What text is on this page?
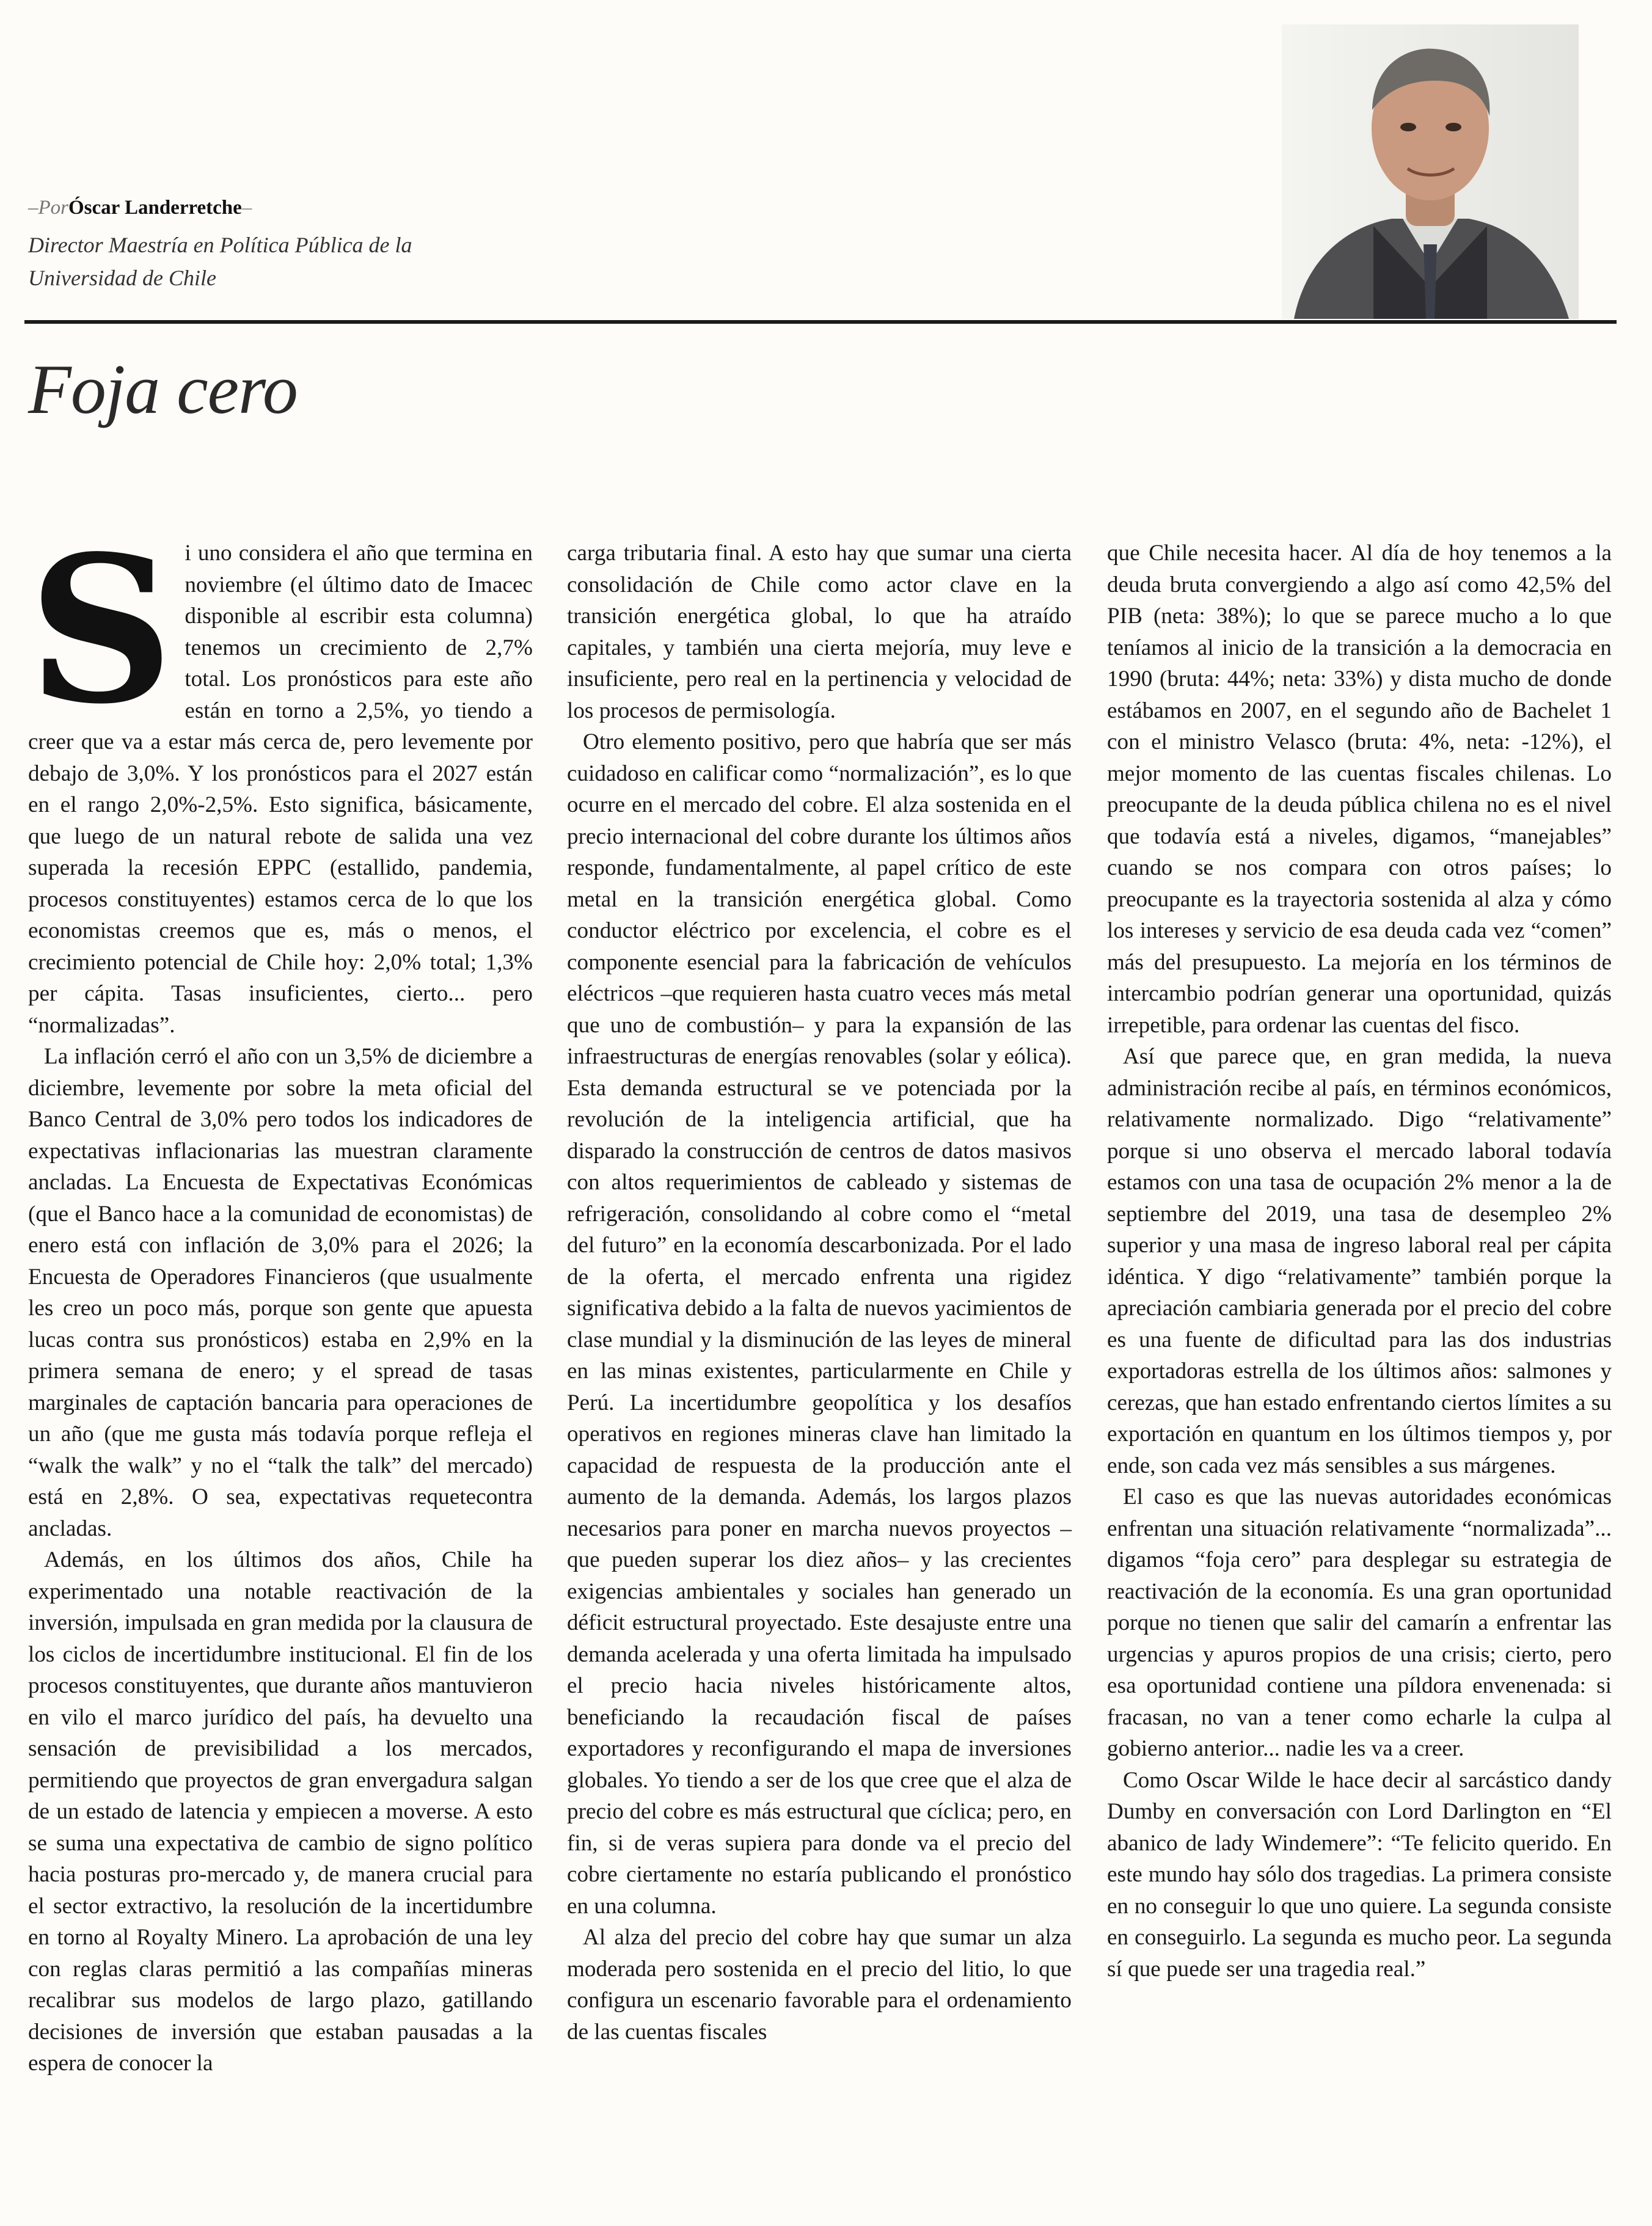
–PorÓscar Landerretche–
Director Maestría en Política Pública de la Universidad de Chile
Foja cero

Si uno considera el año que termina en noviembre (el último dato de Imacec disponible al escribir esta columna) tenemos un crecimiento de 2,7% total. Los pronósticos para este año están en torno a 2,5%, yo tiendo a creer que va a estar más cerca de, pero levemente por debajo de 3,0%. Y los pronósticos para el 2027 están en el rango 2,0%-2,5%. Esto significa, básicamente, que luego de un natural rebote de salida una vez superada la recesión EPPC (estallido, pandemia, procesos constituyentes) estamos cerca de lo que los economistas creemos que es, más o menos, el crecimiento potencial de Chile hoy: 2,0% total; 1,3% per cápita. Tasas insuficientes, cierto... pero “normalizadas”.

La inflación cerró el año con un 3,5% de diciembre a diciembre, levemente por sobre la meta oficial del Banco Central de 3,0% pero todos los indicadores de expectativas inflacionarias las muestran claramente ancladas. La Encuesta de Expectativas Económicas (que el Banco hace a la comunidad de economistas) de enero está con inflación de 3,0% para el 2026; la Encuesta de Operadores Financieros (que usualmente les creo un poco más, porque son gente que apuesta lucas contra sus pronósticos) estaba en 2,9% en la primera semana de enero; y el spread de tasas marginales de captación bancaria para operaciones de un año (que me gusta más todavía porque refleja el “walk the walk” y no el “talk the talk” del mercado) está en 2,8%. O sea, expectativas requetecontra ancladas.

Además, en los últimos dos años, Chile ha experimentado una notable reactivación de la inversión, impulsada en gran medida por la clausura de los ciclos de incertidumbre institucional. El fin de los procesos constituyentes, que durante años mantuvieron en vilo el marco jurídico del país, ha devuelto una sensación de previsibilidad a los mercados, permitiendo que proyectos de gran envergadura salgan de un estado de latencia y empiecen a moverse. A esto se suma una expectativa de cambio de signo político hacia posturas pro-mercado y, de manera crucial para el sector extractivo, la resolución de la incertidumbre en torno al Royalty Minero. La aprobación de una ley con reglas claras permitió a las compañías mineras recalibrar sus modelos de largo plazo, gatillando decisiones de inversión que estaban pausadas a la espera de conocer la

carga tributaria final. A esto hay que sumar una cierta consolidación de Chile como actor clave en la transición energética global, lo que ha atraído capitales, y también una cierta mejoría, muy leve e insuficiente, pero real en la pertinencia y velocidad de los procesos de permisología.

Otro elemento positivo, pero que habría que ser más cuidadoso en calificar como “normalización”, es lo que ocurre en el mercado del cobre. El alza sostenida en el precio internacional del cobre durante los últimos años responde, fundamentalmente, al papel crítico de este metal en la transición energética global. Como conductor eléctrico por excelencia, el cobre es el componente esencial para la fabricación de vehículos eléctricos –que requieren hasta cuatro veces más metal que uno de combustión– y para la expansión de las infraestructuras de energías renovables (solar y eólica). Esta demanda estructural se ve potenciada por la revolución de la inteligencia artificial, que ha disparado la construcción de centros de datos masivos con altos requerimientos de cableado y sistemas de refrigeración, consolidando al cobre como el “metal del futuro” en la economía descarbonizada. Por el lado de la oferta, el mercado enfrenta una rigidez significativa debido a la falta de nuevos yacimientos de clase mundial y la disminución de las leyes de mineral en las minas existentes, particularmente en Chile y Perú. La incertidumbre geopolítica y los desafíos operativos en regiones mineras clave han limitado la capacidad de respuesta de la producción ante el aumento de la demanda. Además, los largos plazos necesarios para poner en marcha nuevos proyectos –que pueden superar los diez años– y las crecientes exigencias ambientales y sociales han generado un déficit estructural proyectado. Este desajuste entre una demanda acelerada y una oferta limitada ha impulsado el precio hacia niveles históricamente altos, beneficiando la recaudación fiscal de países exportadores y reconfigurando el mapa de inversiones globales. Yo tiendo a ser de los que cree que el alza de precio del cobre es más estructural que cíclica; pero, en fin, si de veras supiera para donde va el precio del cobre ciertamente no estaría publicando el pronóstico en una columna.

Al alza del precio del cobre hay que sumar un alza moderada pero sostenida en el precio del litio, lo que configura un escenario favorable para el ordenamiento de las cuentas fiscales

que Chile necesita hacer. Al día de hoy tenemos a la deuda bruta convergiendo a algo así como 42,5% del PIB (neta: 38%); lo que se parece mucho a lo que teníamos al inicio de la transición a la democracia en 1990 (bruta: 44%; neta: 33%) y dista mucho de donde estábamos en 2007, en el segundo año de Bachelet 1 con el ministro Velasco (bruta: 4%, neta: -12%), el mejor momento de las cuentas fiscales chilenas. Lo preocupante de la deuda pública chilena no es el nivel que todavía está a niveles, digamos, “manejables” cuando se nos compara con otros países; lo preocupante es la trayectoria sostenida al alza y cómo los intereses y servicio de esa deuda cada vez “comen” más del presupuesto. La mejoría en los términos de intercambio podrían generar una oportunidad, quizás irrepetible, para ordenar las cuentas del fisco.

Así que parece que, en gran medida, la nueva administración recibe al país, en términos económicos, relativamente normalizado. Digo “relativamente” porque si uno observa el mercado laboral todavía estamos con una tasa de ocupación 2% menor a la de septiembre del 2019, una tasa de desempleo 2% superior y una masa de ingreso laboral real per cápita idéntica. Y digo “relativamente” también porque la apreciación cambiaria generada por el precio del cobre es una fuente de dificultad para las dos industrias exportadoras estrella de los últimos años: salmones y cerezas, que han estado enfrentando ciertos límites a su exportación en quantum en los últimos tiempos y, por ende, son cada vez más sensibles a sus márgenes.

El caso es que las nuevas autoridades económicas enfrentan una situación relativamente “normalizada”... digamos “foja cero” para desplegar su estrategia de reactivación de la economía. Es una gran oportunidad porque no tienen que salir del camarín a enfrentar las urgencias y apuros propios de una crisis; cierto, pero esa oportunidad contiene una píldora envenenada: si fracasan, no van a tener como echarle la culpa al gobierno anterior... nadie les va a creer.

Como Oscar Wilde le hace decir al sarcástico dandy Dumby en conversación con Lord Darlington en “El abanico de lady Windemere”: “Te felicito querido. En este mundo hay sólo dos tragedias. La primera consiste en no conseguir lo que uno quiere. La segunda consiste en conseguirlo. La segunda es mucho peor. La segunda sí que puede ser una tragedia real.”
